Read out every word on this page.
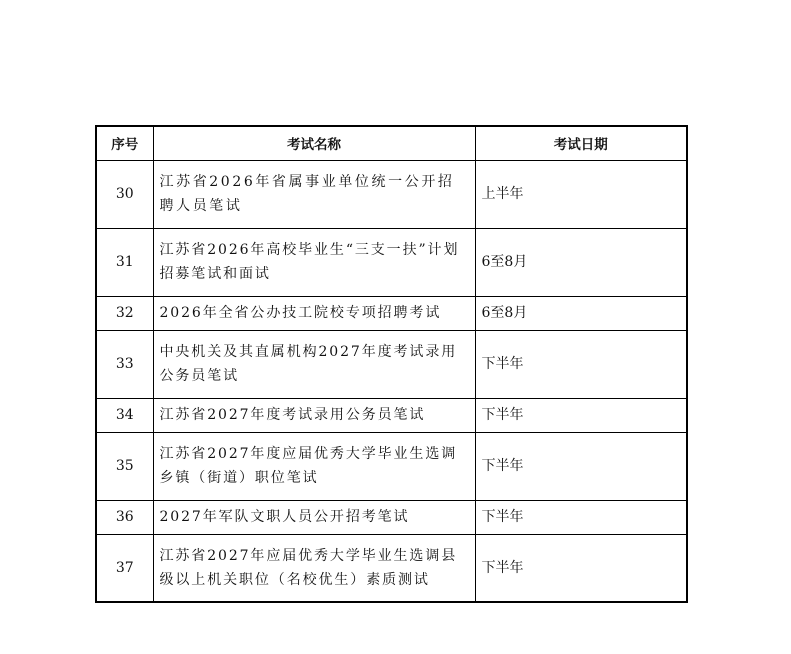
序号	考试名称	考试日期
30	江苏省2026年省属事业单位统一公开招聘人员笔试	上半年
31	江苏省2026年高校毕业生“三支一扶”计划招募笔试和面试	6至8月
32	2026年全省公办技工院校专项招聘考试	6至8月
33	中央机关及其直属机构2027年度考试录用公务员笔试	下半年
34	江苏省2027年度考试录用公务员笔试	下半年
35	江苏省2027年度应届优秀大学毕业生选调乡镇（街道）职位笔试	下半年
36	2027年军队文职人员公开招考笔试	下半年
37	江苏省2027年应届优秀大学毕业生选调县级以上机关职位（名校优生）素质测试	下半年
